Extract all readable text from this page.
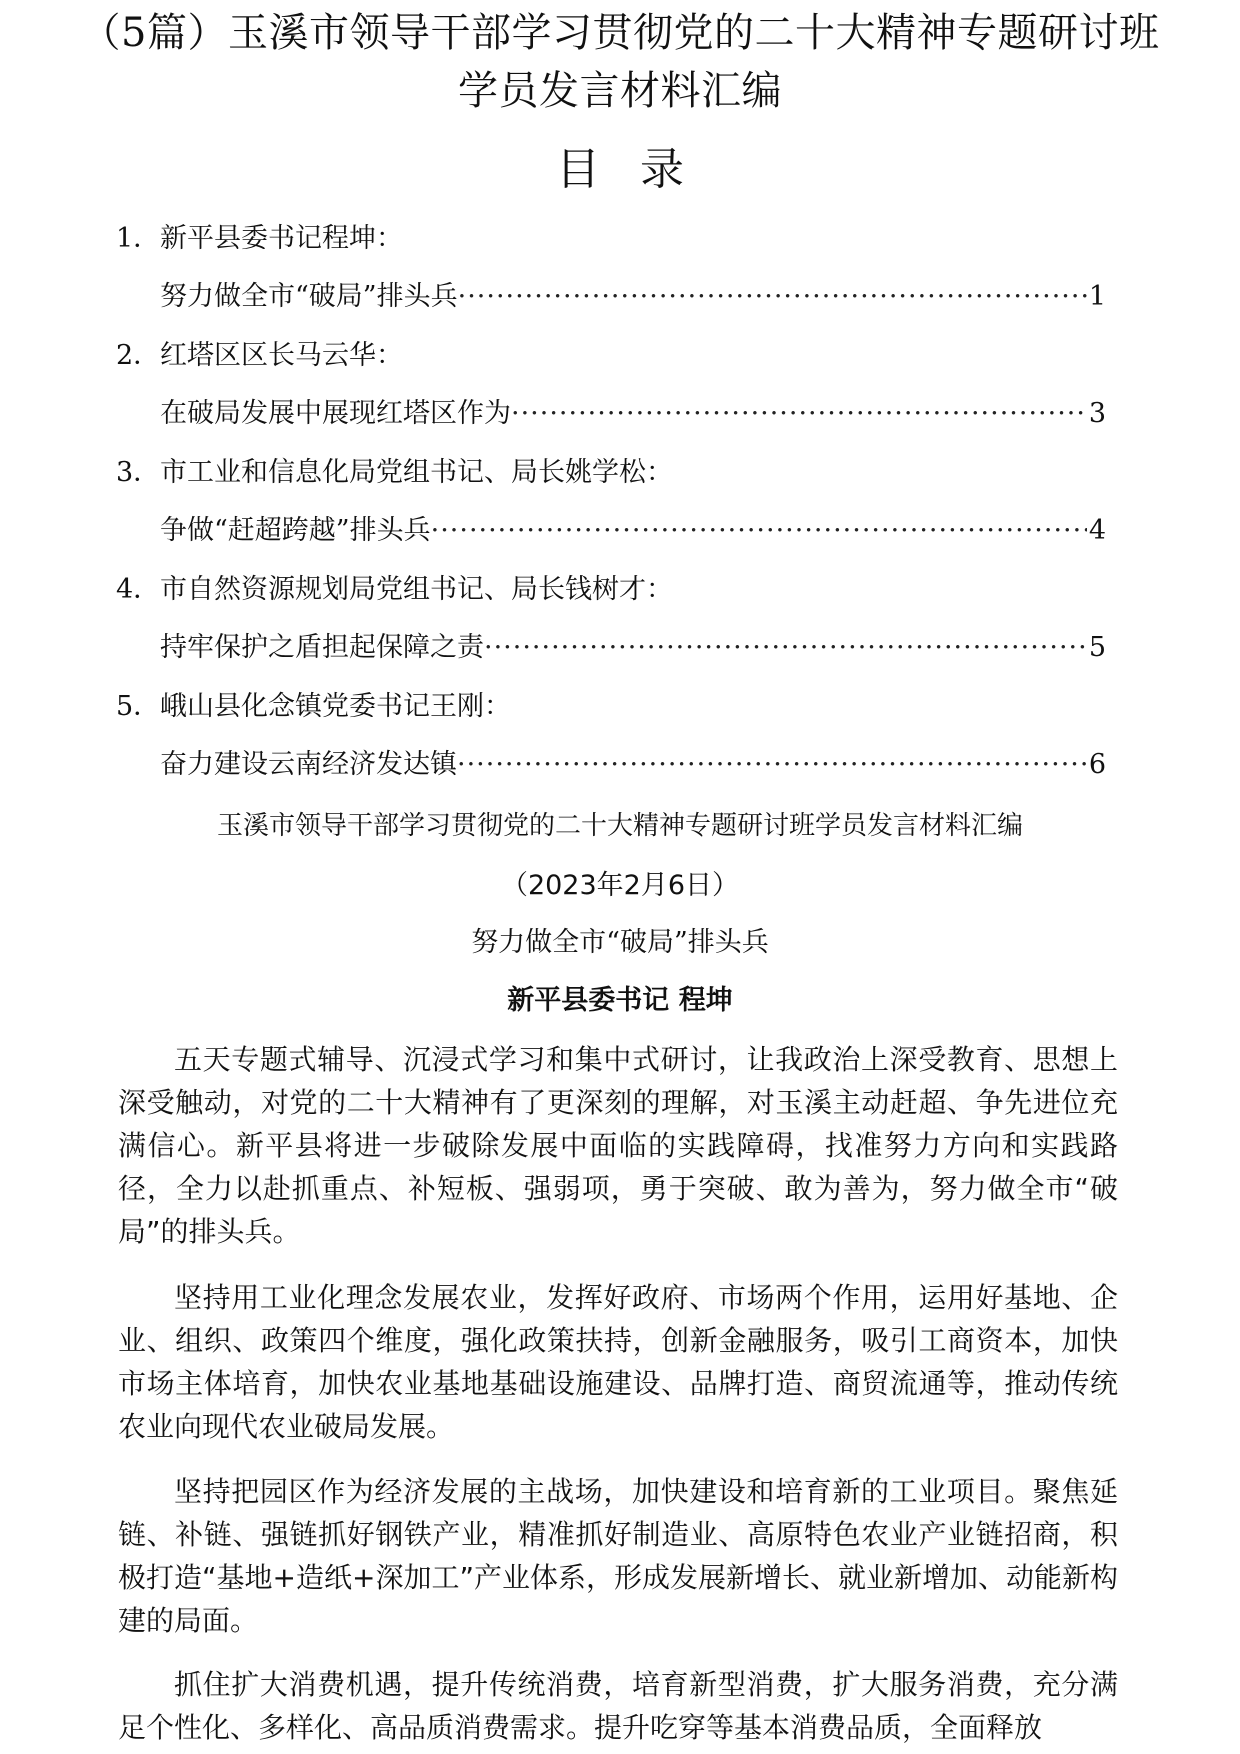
（5篇）玉溪市领导干部学习贯彻党的二十大精神专题研讨班
学员发言材料汇编
目录
1．新平县委书记程坤：
努力做全市“破局”排头兵 ·····	1
2．红塔区区长马云华：
在破局发展中展现红塔区作为 ·····	3
3．市工业和信息化局党组书记、局长姚学松：
争做“赶超跨越”排头兵 ·····	4
4．市自然资源规划局党组书记、局长钱树才：
持牢保护之盾担起保障之责 ·····	5
5．峨山县化念镇党委书记王刚：
奋力建设云南经济发达镇 ·····	6

玉溪市领导干部学习贯彻党的二十大精神专题研讨班学员发言材料汇编

（2023年2月6日）

努力做全市“破局”排头兵

新平县委书记 程坤

五天专题式辅导、沉浸式学习和集中式研讨，让我政治上深受教育、思想上深受触动，对党的二十大精神有了更深刻的理解，对玉溪主动赶超、争先进位充满信心。新平县将进一步破除发展中面临的实践障碍，找准努力方向和实践路径，全力以赴抓重点、补短板、强弱项，勇于突破、敢为善为，努力做全市“破局”的排头兵。

坚持用工业化理念发展农业，发挥好政府、市场两个作用，运用好基地、企业、组织、政策四个维度，强化政策扶持，创新金融服务，吸引工商资本，加快市场主体培育，加快农业基地基础设施建设、品牌打造、商贸流通等，推动传统农业向现代农业破局发展。

坚持把园区作为经济发展的主战场，加快建设和培育新的工业项目。聚焦延链、补链、强链抓好钢铁产业，精准抓好制造业、高原特色农业产业链招商，积极打造“基地+造纸+深加工”产业体系，形成发展新增长、就业新增加、动能新构建的局面。

抓住扩大消费机遇，提升传统消费，培育新型消费，扩大服务消费，充分满足个性化、多样化、高品质消费需求。提升吃穿等基本消费品质，全面释放
